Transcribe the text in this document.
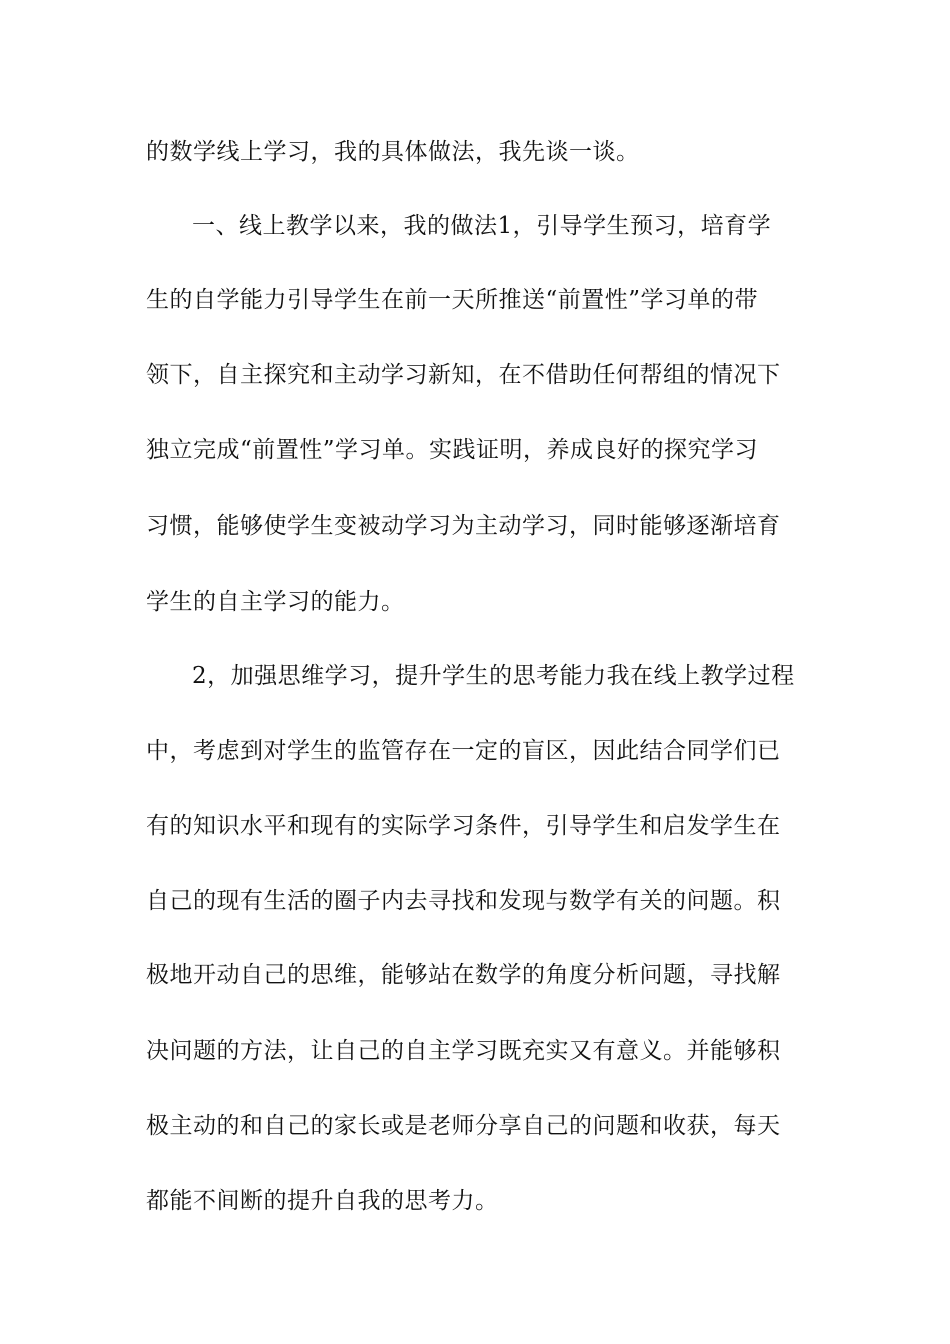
的数学线上学习，我的具体做法，我先谈一谈。
一、线上教学以来，我的做法1，引导学生预习，培育学
生的自学能力引导学生在前一天所推送“前置性”学习单的带
领下，自主探究和主动学习新知，在不借助任何帮组的情况下
独立完成“前置性”学习单。实践证明，养成良好的探究学习
习惯，能够使学生变被动学习为主动学习，同时能够逐渐培育
学生的自主学习的能力。
2，加强思维学习，提升学生的思考能力我在线上教学过程
中，考虑到对学生的监管存在一定的盲区，因此结合同学们已
有的知识水平和现有的实际学习条件，引导学生和启发学生在
自己的现有生活的圈子内去寻找和发现与数学有关的问题。积
极地开动自己的思维，能够站在数学的角度分析问题，寻找解
决问题的方法，让自己的自主学习既充实又有意义。并能够积
极主动的和自己的家长或是老师分享自己的问题和收获，每天
都能不间断的提升自我的思考力。
